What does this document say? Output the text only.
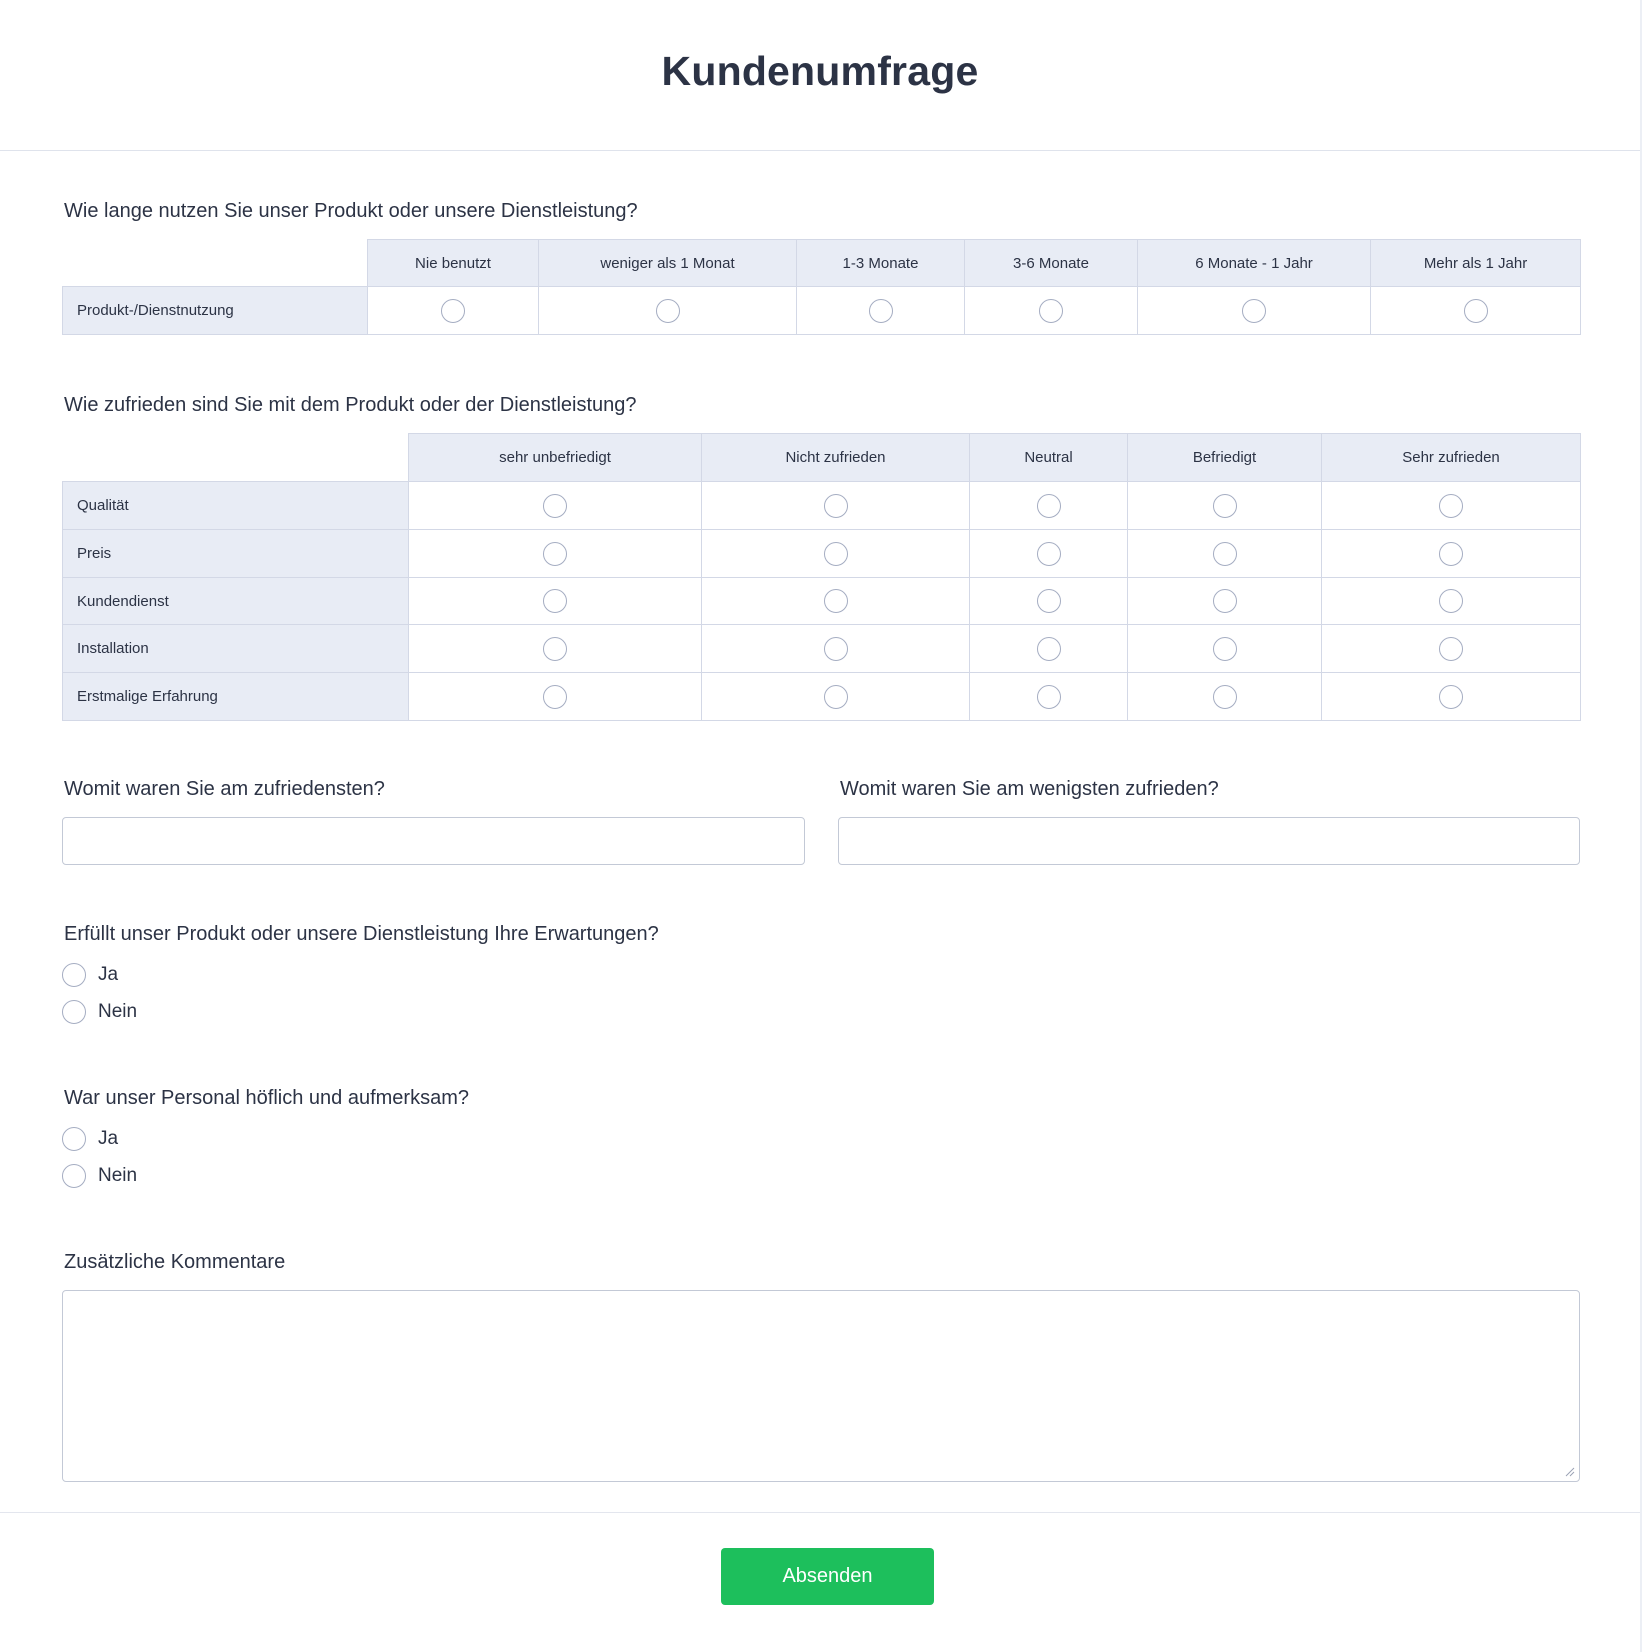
Kundenumfrage
Wie lange nutzen Sie unser Produkt oder unsere Dienstleistung?
	Nie benutzt	weniger als 1 Monat	1-3 Monate	3-6 Monate	6 Monate - 1 Jahr	Mehr als 1 Jahr
Produkt-/Dienstnutzung						
Wie zufrieden sind Sie mit dem Produkt oder der Dienstleistung?
	sehr unbefriedigt	Nicht zufrieden	Neutral	Befriedigt	Sehr zufrieden
Qualität					
Preis					
Kundendienst					
Installation					
Erstmalige Erfahrung					
Womit waren Sie am zufriedensten?	Womit waren Sie am wenigsten zufrieden?
Erfüllt unser Produkt oder unsere Dienstleistung Ihre Erwartungen?
Ja
Nein
War unser Personal höflich und aufmerksam?
Ja
Nein
Zusätzliche Kommentare
Absenden
